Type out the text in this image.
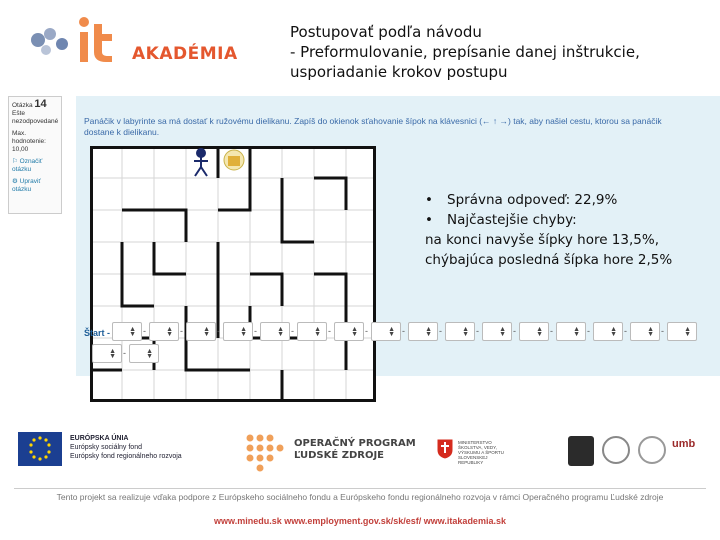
AKADÉMIA
Postupovať podľa návodu
- Preformulovanie, prepísanie danej inštrukcie,
usporiadanie krokov postupu
Otázka 14
Ešte nezodpovedané
Max. hodnotenie:
10,00
⚐ Označiť otázku
⚙ Upraviť otázku
Panáčik v labyrinte sa má dostať k ružovému dielikanu. Zapíš do okienok sťahovanie šípok na klávesnici (← ↑ →) tak, aby našiel cestu, ktorou sa panáčik dostane k dielikanu.
•	Správna odpoveď: 22,9%
•	Najčastejšie chyby:
na konci navyše šípky hore 13,5%,
chýbajúca posledná šípka hore 2,5%
Štart -	▲
▼ -	▲
▼ -	▲
▼ -	▲
▼ -	▲
▼ -	▲
▼ -	▲
▼ -	▲
▼ -	▲
▼ -	▲
▼ -	▲
▼ -	▲
▼ -	▲
▼ -	▲
▼ -	▲
▼ -	▲
▼
▲
▼ -	▲
▼
EURÓPSKA ÚNIA
Európsky sociálny fond
Európsky fond regionálneho rozvoja
OPERAČNÝ PROGRAM
ĽUDSKÉ ZDROJE
MINISTERSTVO ŠKOLSTVA, VEDY, VÝSKUMU A ŠPORTU SLOVENSKEJ REPUBLIKY
umb
Tento projekt sa realizuje vďaka podpore z Európskeho sociálneho fondu a Európskeho fondu regionálneho rozvoja v rámci Operačného programu Ľudské zdroje
www.minedu.sk www.employment.gov.sk/sk/esf/ www.itakademia.sk
